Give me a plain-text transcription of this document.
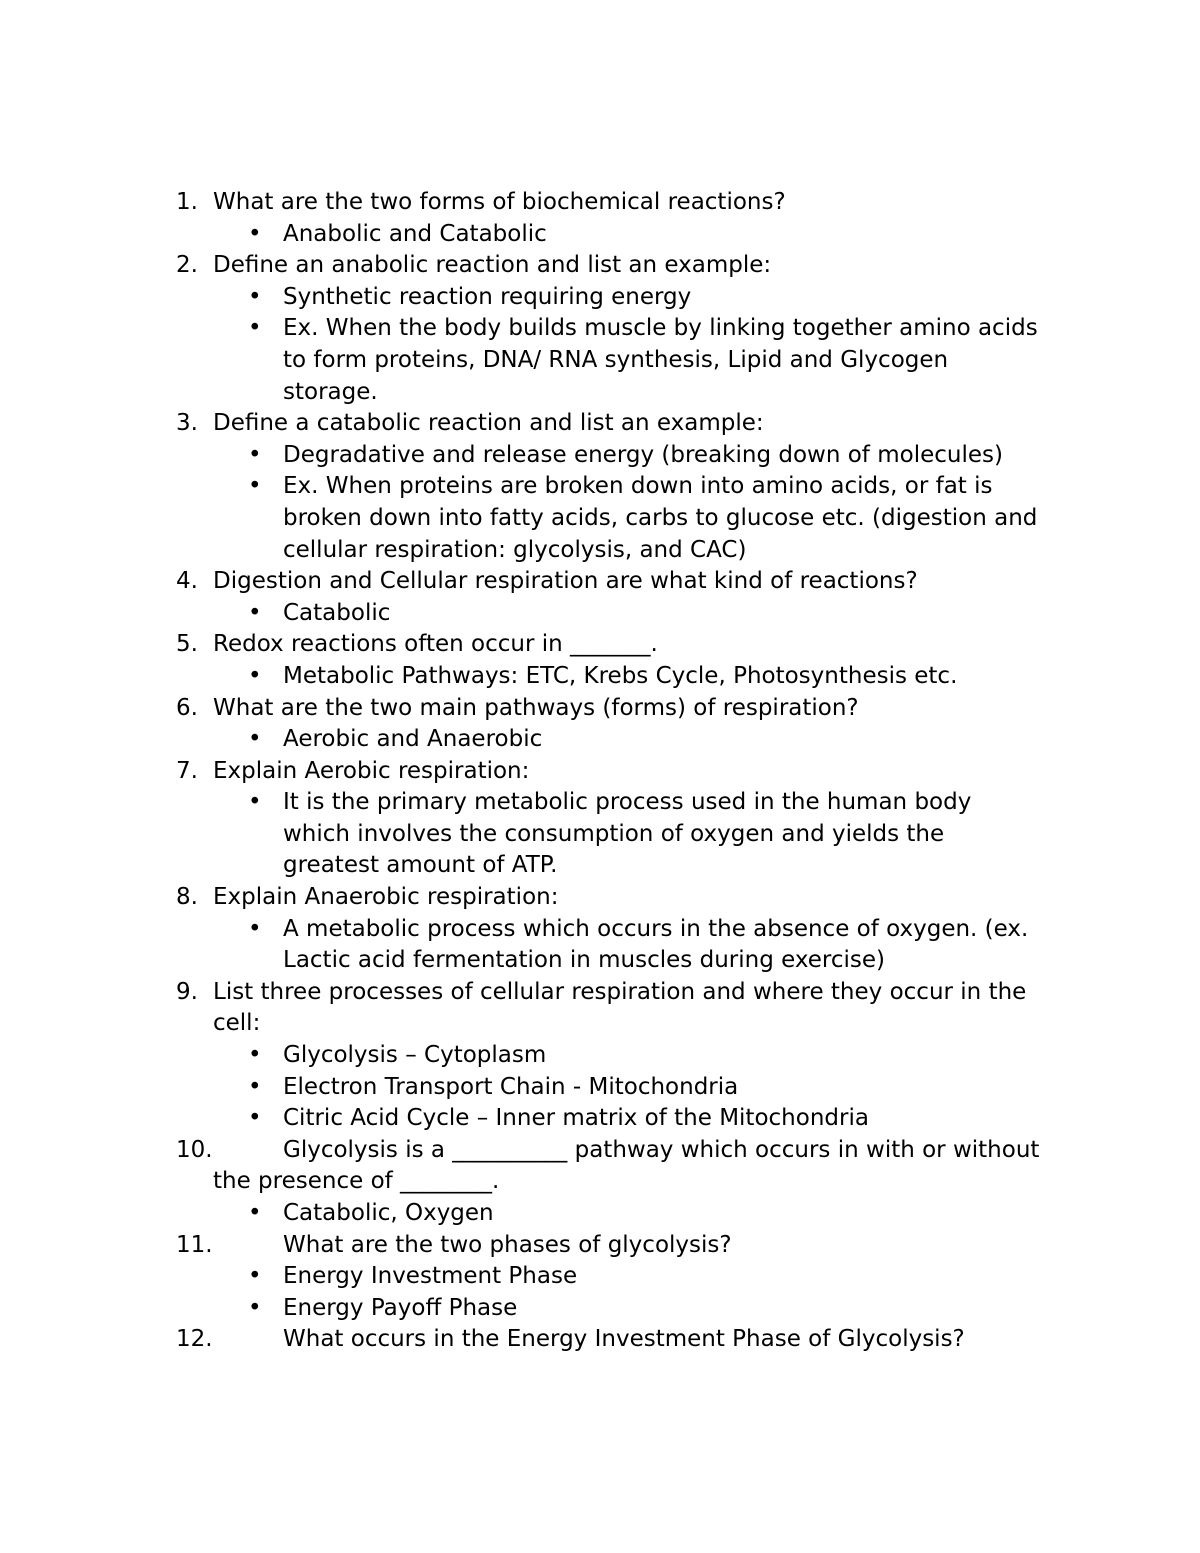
1. What are the two forms of biochemical reactions?
• Anabolic and Catabolic
2. Define an anabolic reaction and list an example:
• Synthetic reaction requiring energy
• Ex. When the body builds muscle by linking together amino acids
to form proteins, DNA/ RNA synthesis, Lipid and Glycogen
storage.
3. Define a catabolic reaction and list an example:
• Degradative and release energy (breaking down of molecules)
• Ex. When proteins are broken down into amino acids, or fat is
broken down into fatty acids, carbs to glucose etc. (digestion and
cellular respiration: glycolysis, and CAC)
4. Digestion and Cellular respiration are what kind of reactions?
• Catabolic
5. Redox reactions often occur in _______.
• Metabolic Pathways: ETC, Krebs Cycle, Photosynthesis etc.
6. What are the two main pathways (forms) of respiration?
• Aerobic and Anaerobic
7. Explain Aerobic respiration:
• It is the primary metabolic process used in the human body
which involves the consumption of oxygen and yields the
greatest amount of ATP.
8. Explain Anaerobic respiration:
• A metabolic process which occurs in the absence of oxygen. (ex.
Lactic acid fermentation in muscles during exercise)
9. List three processes of cellular respiration and where they occur in the
cell:
• Glycolysis – Cytoplasm
• Electron Transport Chain - Mitochondria
• Citric Acid Cycle – Inner matrix of the Mitochondria
10.	Glycolysis is a __________ pathway which occurs in with or without
the presence of ________.
• Catabolic, Oxygen
11.	What are the two phases of glycolysis?
• Energy Investment Phase
• Energy Payoff Phase
12.	What occurs in the Energy Investment Phase of Glycolysis?
